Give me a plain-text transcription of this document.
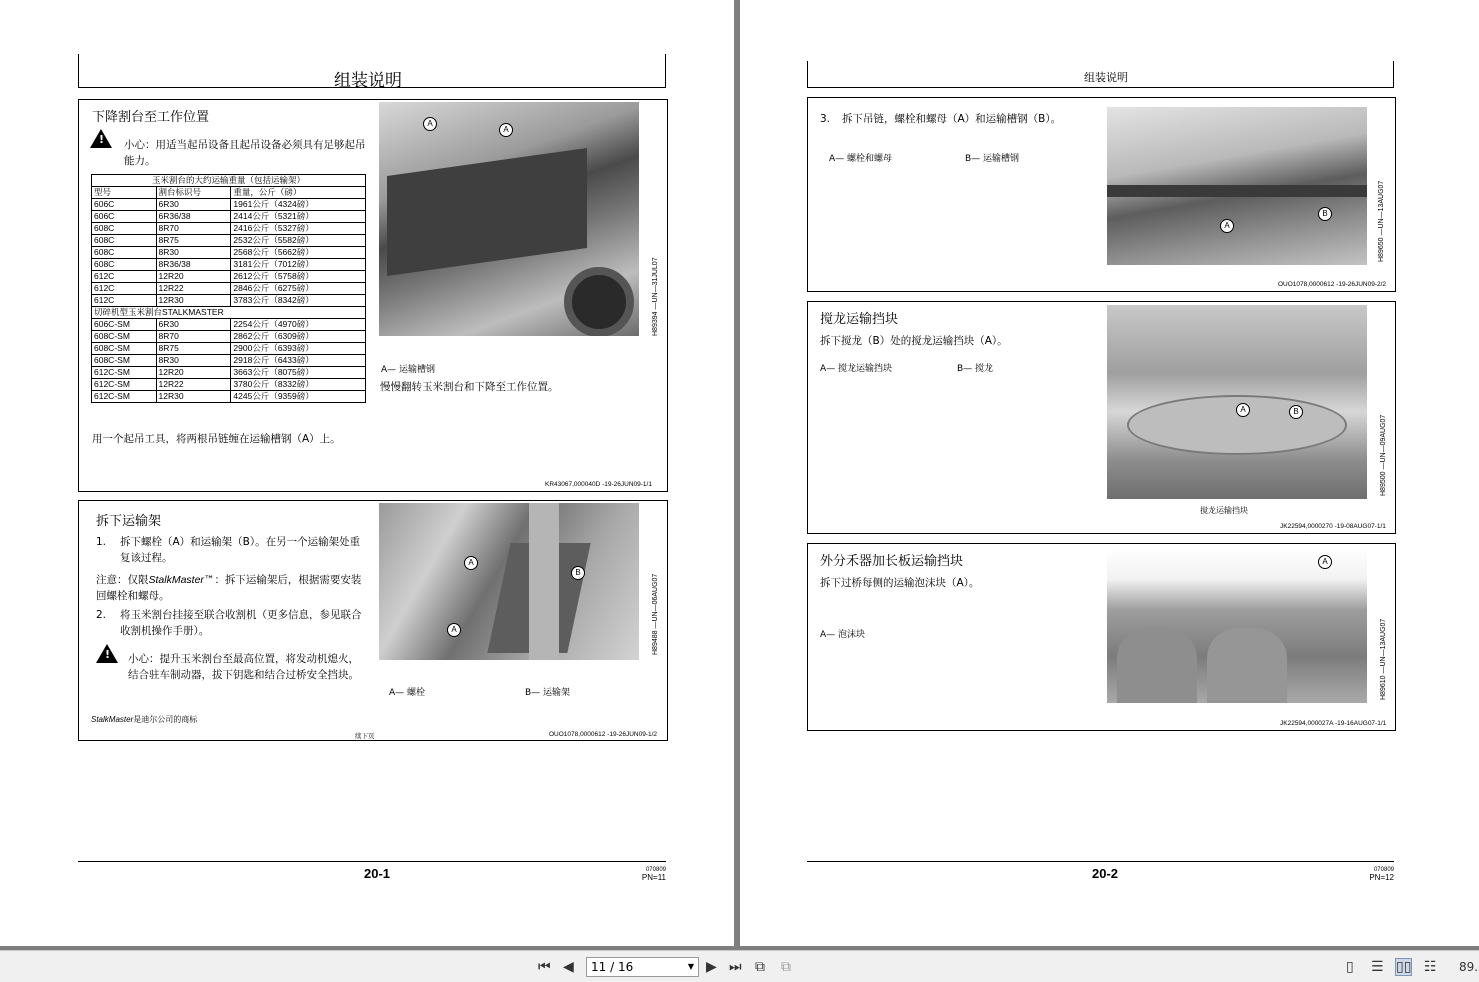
组装说明
下降割台至工作位置
!
小心：用适当起吊设备且起吊设备必须具有足够起吊能力。
玉米割台的大约运输重量（包括运输架）		
型号	割台标识号	重量，公斤（磅）
606C	6R30	1961公斤（4324磅）
606C	6R36/38	2414公斤（5321磅）
608C	8R70	2416公斤（5327磅）
608C	8R75	2532公斤（5582磅）
608C	8R30	2568公斤（5662磅）
608C	8R36/38	3181公斤（7012磅）
612C	12R20	2612公斤（5758磅）
612C	12R22	2846公斤（6275磅）
612C	12R30	3783公斤（8342磅）
切碎机型玉米割台STALKMASTER		
606C-SM	6R30	2254公斤（4970磅）
608C-SM	8R70	2862公斤（6309磅）
608C-SM	8R75	2900公斤（6393磅）
608C-SM	8R30	2918公斤（6433磅）
612C-SM	12R20	3663公斤（8075磅）
612C-SM	12R22	3780公斤（8332磅）
612C-SM	12R30	4245公斤（9359磅）
A
A
H89394 —UN—31JUL07
A— 运输槽钢
慢慢翻转玉米割台和下降至工作位置。
用一个起吊工具，将两根吊链缠在运输槽钢（A）上。
KR43067,000040D -19-26JUN09-1/1
拆下运输架
1. 拆下螺栓（A）和运输架（B）。在另一个运输架处重复该过程。
注意：仅限StalkMaster™：拆下运输架后，根据需要安装回螺栓和螺母。
2. 将玉米割台挂接至联合收割机（更多信息，参见联合收割机操作手册）。
!
小心：提升玉米割台至最高位置，将发动机熄火，结合驻车制动器，拔下钥匙和结合过桥安全挡块。
A
B
A	H89488 —UN—06AUG07
A— 螺栓	B— 运输架
StalkMaster是迪尔公司的商标
续下页	OUO1078,0000612 -19-26JUN09-1/2
20-1	070809
PN=11
组装说明
3. 拆下吊链，螺栓和螺母（A）和运输槽钢（B）。
A— 螺栓和螺母	B— 运输槽钢
A
B	H89650 —UN—13AUG07
OUO1078,0000612 -19-26JUN09-2/2
搅龙运输挡块
拆下搅龙（B）处的搅龙运输挡块（A）。
A— 搅龙运输挡块	B— 搅龙
A	B
H89500 —UN—09AUG07
搅龙运输挡块
JK22594,0000270 -19-08AUG07-1/1
外分禾器加长板运输挡块
拆下过桥每侧的运输泡沫块（A）。
A— 泡沫块
A
H89610 —UN—13AUG07
JK22594,000027A -19-16AUG07-1/1
20-2	070809
PN=12
⏮ ◀	11 / 16	▼ ▶ ⏭ ⧉ ⧉	▯ ☰ ▯▯ ☷ 89.
